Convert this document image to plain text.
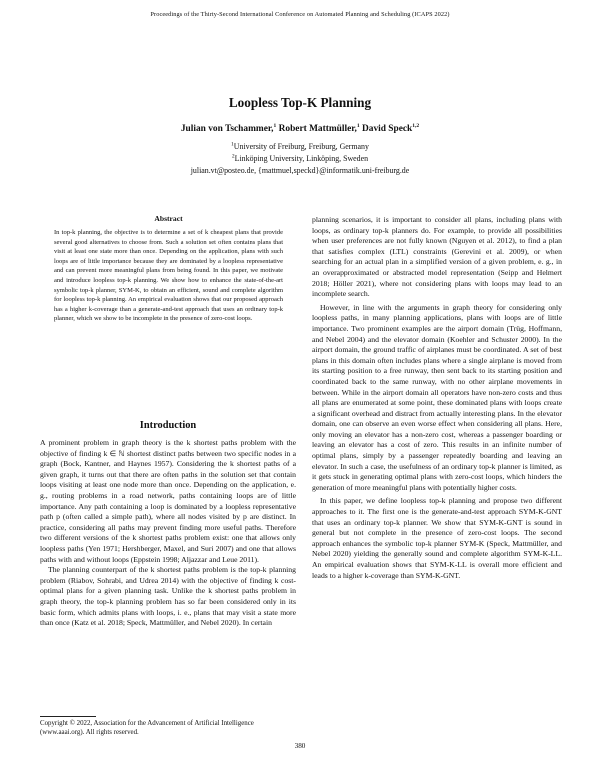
Proceedings of the Thirty-Second International Conference on Automated Planning and Scheduling (ICAPS 2022)
Loopless Top-K Planning
Julian von Tschammer,$^1$ Robert Mattmüller,$^1$ David Speck$^{1,2}$
$^1$University of Freiburg, Freiburg, Germany
$^2$Linköping University, Linköping, Sweden
julian.vt@posteo.de, {mattmuel,speckd}@informatik.uni-freiburg.de
Abstract

In top-k planning, the objective is to determine a set of k cheapest plans that provide several good alternatives to choose from. Such a solution set often contains plans that visit at least one state more than once. Depending on the application, plans with such loops are of little importance because they are dominated by a loopless representative and can prevent more meaningful plans from being found. In this paper, we motivate and introduce loopless top-k planning. We show how to enhance the state-of-the-art symbolic top-k planner, SYM-K, to obtain an efficient, sound and complete algorithm for loopless top-k planning. An empirical evaluation shows that our proposed approach has a higher k-coverage than a generate-and-test approach that uses an ordinary top-k planner, which we show to be incomplete in the presence of zero-cost loops.

Introduction

A prominent problem in graph theory is the k shortest paths problem with the objective of finding k ∈ ℕ shortest distinct paths between two specific nodes in a graph (Bock, Kantner, and Haynes 1957). Considering the k shortest paths of a given graph, it turns out that there are often paths in the solution set that contain loops visiting at least one node more than once. Depending on the application, e. g., routing problems in a road network, paths containing loops are of little importance. Any path containing a loop is dominated by a loopless representative path p (often called a simple path), where all nodes visited by p are distinct. In practice, considering all paths may prevent finding more useful paths. Therefore two different versions of the k shortest paths problem exist: one that allows only loopless paths (Yen 1971; Hershberger, Maxel, and Suri 2007) and one that allows paths with and without loops (Eppstein 1998; Aljazzar and Leue 2011).

The planning counterpart of the k shortest paths problem is the top-k planning problem (Riabov, Sohrabi, and Udrea 2014) with the objective of finding k cost-optimal plans for a given planning task. Unlike the k shortest paths problem in graph theory, the top-k planning problem has so far been considered only in its basic form, which admits plans with loops, i. e., plans that may visit a state more than once (Katz et al. 2018; Speck, Mattmüller, and Nebel 2020). In certain

planning scenarios, it is important to consider all plans, including plans with loops, as ordinary top-k planners do. For example, to provide all possibilities when user preferences are not fully known (Nguyen et al. 2012), to find a plan that satisfies complex (LTL) constraints (Gerevini et al. 2009), or when searching for an actual plan in a simplified version of a given problem, e. g., in an overapproximated or abstracted model representation (Seipp and Helmert 2018; Höller 2021), where not considering plans with loops may lead to an incomplete search.

However, in line with the arguments in graph theory for considering only loopless paths, in many planning applications, plans with loops are of little importance. Two prominent examples are the airport domain (Trüg, Hoffmann, and Nebel 2004) and the elevator domain (Koehler and Schuster 2000). In the airport domain, the ground traffic of airplanes must be coordinated. A set of best plans in this domain often includes plans where a single airplane is moved from its starting position to a free runway, then sent back to its starting position and coordinated back to the same runway, with no other airplane movements in between. While in the airport domain all operators have non-zero costs and thus all plans are enumerated at some point, these dominated plans with loops create a significant overhead and distract from actually interesting plans. In the elevator domain, one can observe an even worse effect when considering all plans. Here, only moving an elevator has a non-zero cost, whereas a passenger boarding or leaving an elevator has a cost of zero. This results in an infinite number of optimal plans, simply by a passenger repeatedly boarding and leaving an elevator. In such a case, the usefulness of an ordinary top-k planner is limited, as it gets stuck in generating optimal plans with zero-cost loops, which hinders the generation of more meaningful plans with potentially higher costs.

In this paper, we define loopless top-k planning and propose two different approaches to it. The first one is the generate-and-test approach SYM-K-GNT that uses an ordinary top-k planner. We show that SYM-K-GNT is sound in general but not complete in the presence of zero-cost loops. The second approach enhances the symbolic top-k planner SYM-K (Speck, Mattmüller, and Nebel 2020) yielding the generally sound and complete algorithm SYM-K-LL. An empirical evaluation shows that SYM-K-LL is overall more efficient and leads to a higher k-coverage than SYM-K-GNT.

Copyright © 2022, Association for the Advancement of Artificial Intelligence (www.aaai.org). All rights reserved.
380
